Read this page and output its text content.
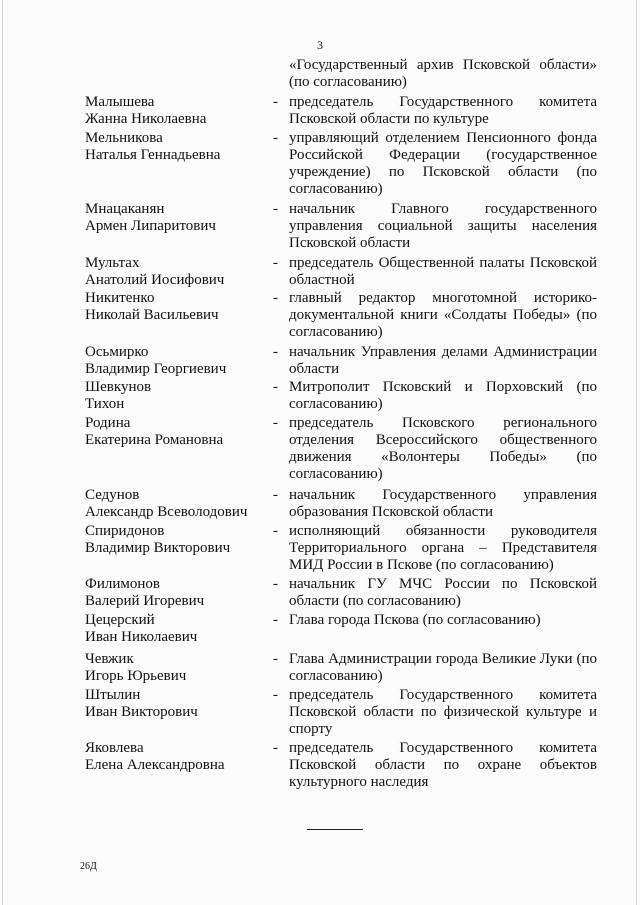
3
«Государственный архив Псковской области» (по согласованию)
Малышева
Жанна Николаевна
- председатель Государственного комитета Псковской области по культуре
Мельникова
Наталья Геннадьевна
- управляющий отделением Пенсионного фонда Российской Федерации (государственное учреждение) по Псковской области (по согласованию)
Мнацаканян
Армен Липаритович
- начальник Главного государственного управления социальной защиты населения Псковской области
Мультах
Анатолий Иосифович
- председатель Общественной палаты Псковской областной
Никитенко
Николай Васильевич
- главный редактор многотомной историко-документальной книги «Солдаты Победы» (по согласованию)
Осьмирко
Владимир Георгиевич
- начальник Управления делами Администрации области
Шевкунов
Тихон
- Митрополит Псковский и Порховский (по согласованию)
Родина
Екатерина Романовна
- председатель Псковского регионального отделения Всероссийского общественного движения «Волонтеры Победы» (по согласованию)
Седунов
Александр Всеволодович
- начальник Государственного управления образования Псковской области
Спиридонов
Владимир Викторович
- исполняющий обязанности руководителя Территориального органа – Представителя МИД России в Пскове (по согласованию)
Филимонов
Валерий Игоревич
- начальник ГУ МЧС России по Псковской области (по согласованию)
Цецерский
Иван Николаевич
- Глава города Пскова (по согласованию)
Чевжик
Игорь Юрьевич
- Глава Администрации города Великие Луки (по согласованию)
Штылин
Иван Викторович
- председатель Государственного комитета Псковской области по физической культуре и спорту
Яковлева
Елена Александровна
- председатель Государственного комитета Псковской области по охране объектов культурного наследия
26Д
